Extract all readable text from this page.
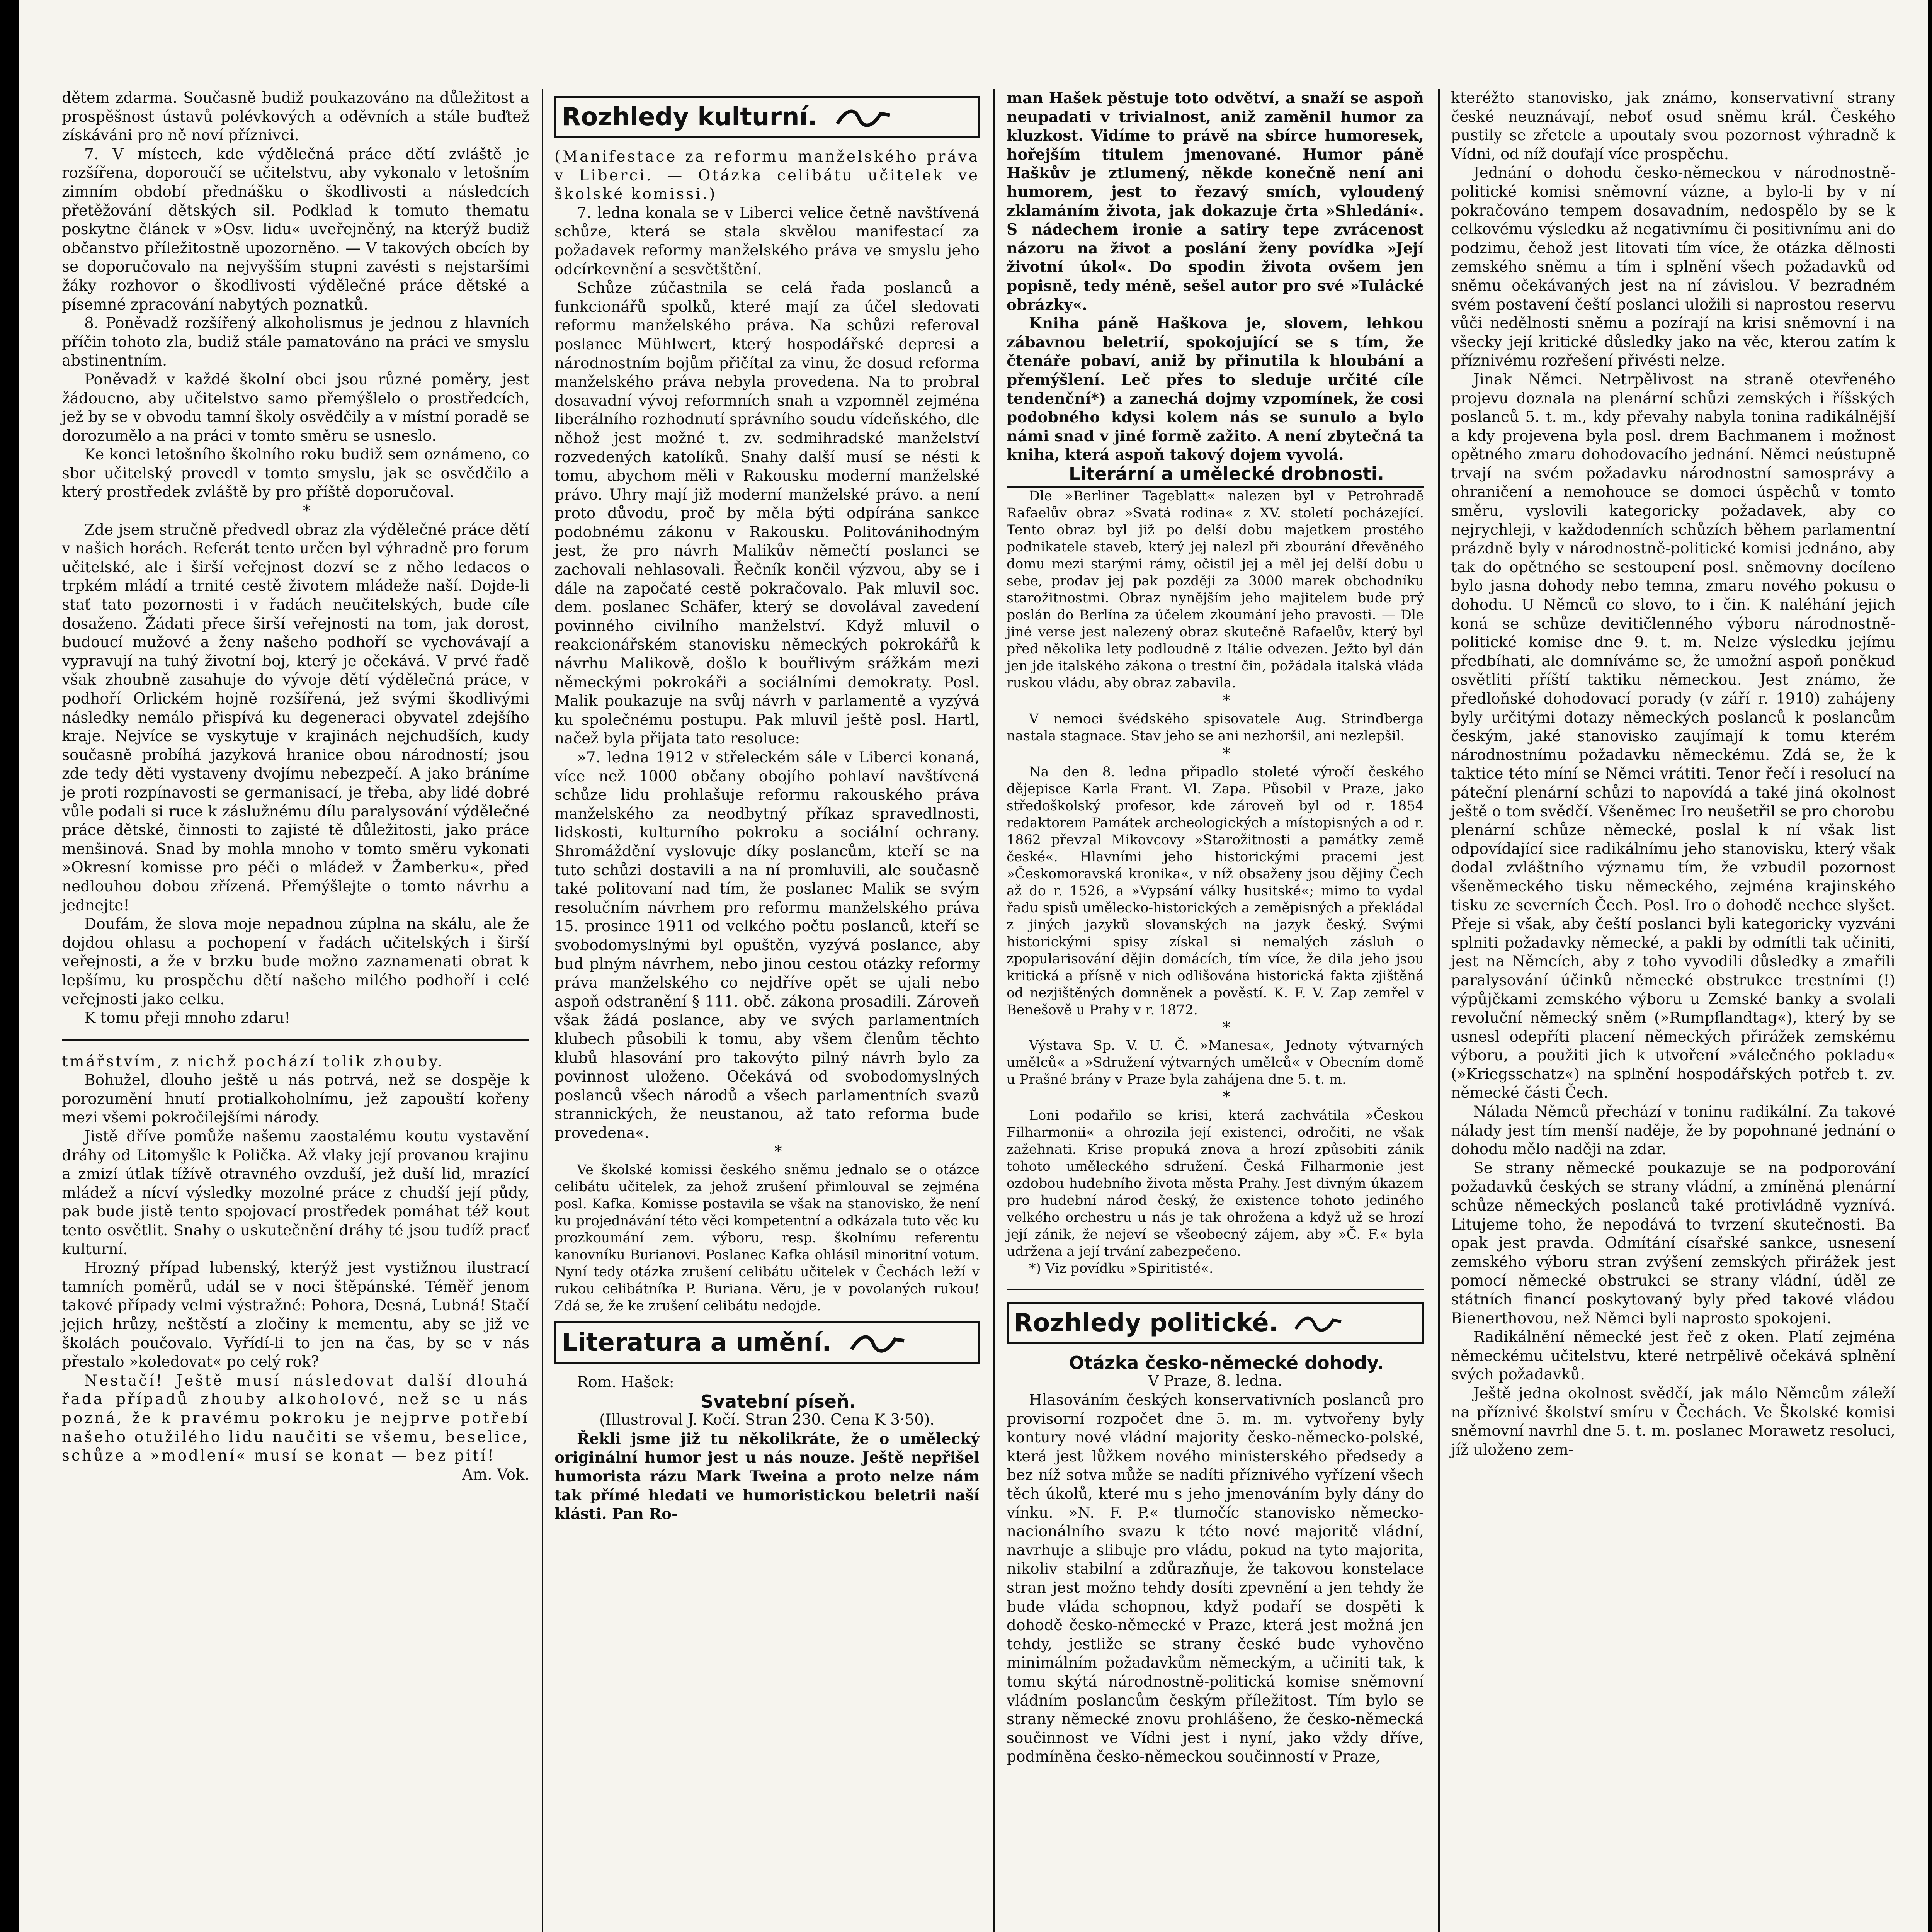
dětem zdarma. Současně budiž poukazováno na důležitost a prospěšnost ústavů polévkových a oděvních a stále buďtež získáváni pro ně noví příznivci.

7. V místech, kde výdělečná práce dětí zvláště je rozšířena, doporoučí se učitelstvu, aby vykonalo v letošním zimním období přednášku o škodlivosti a následcích přetěžování dětských sil. Podklad k tomuto thematu poskytne článek v »Osv. lidu« uveřejněný, na kterýž budiž občanstvo příležitostně upozorněno. — V takových obcích by se doporučovalo na nejvyšším stupni zavésti s nejstaršími žáky rozhovor o škodlivosti výdělečné práce dětské a písemné zpracování nabytých poznatků.

8. Poněvadž rozšířený alkoholismus je jednou z hlavních příčin tohoto zla, budiž stále pamatováno na práci ve smyslu abstinentním.

Poněvadž v každé školní obci jsou různé poměry, jest žádoucno, aby učitelstvo samo přemýšlelo o prostředcích, jež by se v obvodu tamní školy osvědčily a v místní poradě se dorozumělo a na práci v tomto směru se usneslo.

Ke konci letošního školního roku budiž sem oznámeno, co sbor učitelský provedl v tomto smyslu, jak se osvědčilo a který prostředek zvláště by pro příště doporučoval.

*

Zde jsem stručně předvedl obraz zla výdělečné práce dětí v našich horách. Referát tento určen byl výhradně pro forum učitelské, ale i širší veřejnost dozví se z něho ledacos o trpkém mládí a trnité cestě životem mládeže naší. Dojde-li stať tato pozornosti i v řadách neučitelských, bude cíle dosaženo. Žádati přece širší veřejnosti na tom, jak dorost, budoucí mužové a ženy našeho podhoří se vychovávají a vypravují na tuhý životní boj, který je očekává. V prvé řadě však zhoubně zasahuje do vývoje dětí výdělečná práce, v podhoří Orlickém hojně rozšířená, jež svými škodlivými následky nemálo přispívá ku degeneraci obyvatel zdejšího kraje. Nejvíce se vyskytuje v krajinách nejchudších, kudy současně probíhá jazyková hranice obou národností; jsou zde tedy děti vystaveny dvojímu nebezpečí. A jako bráníme je proti rozpínavosti se germanisací, je třeba, aby lidé dobré vůle podali si ruce k záslužnému dílu paralysování výdělečné práce dětské, činnosti to zajisté tě důležitosti, jako práce menšinová. Snad by mohla mnoho v tomto směru vykonati »Okresní komisse pro péči o mládež v Žamberku«, před nedlouhou dobou zřízená. Přemýšlejte o tomto návrhu a jednejte!

Doufám, že slova moje nepadnou zúplna na skálu, ale že dojdou ohlasu a pochopení v řadách učitelských i širší veřejnosti, a že v brzku bude možno zaznamenati obrat k lepšímu, ku prospěchu dětí našeho milého podhoří i celé veřejnosti jako celku.

K tomu přeji mnoho zdaru!

tmářstvím, z nichž pochází tolik zhouby.

Bohužel, dlouho ještě u nás potrvá, než se dospěje k porozumění hnutí protialkoholnímu, jež zapouští kořeny mezi všemi pokročilejšími národy.

Jistě dříve pomůže našemu zaostalému koutu vystavění dráhy od Litomyšle k Polička. Až vlaky její provanou krajinu a zmizí útlak tížívě otravného ovzduší, jež duší lid, mrazící mládež a nícví výsledky mozolné práce z chudší její půdy, pak bude jistě tento spojovací prostředek pomáhat též kout tento osvětlit. Snahy o uskutečnění dráhy té jsou tudíž pracť kulturní.

Hrozný případ lubenský, kterýž jest vystižnou ilustrací tamních poměrů, udál se v noci štěpánské. Téměř jenom takové případy velmi výstražné: Pohora, Desná, Lubná! Stačí jejich hrůzy, neštěstí a zločiny k mementu, aby se již ve školách poučovalo. Vyřídí-li to jen na čas, by se v nás přestalo »koledovat« po celý rok?

Nestačí! Ještě musí následovat další dlouhá řada případů zhouby alkoholové, než se u nás pozná, že k pravému pokroku je nejprve potřebí našeho otužilého lidu naučiti se všemu, beselice, schůze a »modlení« musí se konat — bez pití!

Am. Vok.

Rozhledy kulturní.

(Manifestace za reformu manželského práva v Liberci. — Otázka celibátu učitelek ve školské komissi.)

7. ledna konala se v Liberci velice četně navštívená schůze, která se stala skvělou manifestací za požadavek reformy manželského práva ve smyslu jeho odcírkevnění a sesvětštění.

Schůze zúčastnila se celá řada poslanců a funkcionářů spolků, které mají za účel sledovati reformu manželského práva. Na schůzi referoval poslanec Mühlwert, který hospodářské depresi a národnostním bojům přičítal za vinu, že dosud reforma manželského práva nebyla provedena. Na to probral dosavadní vývoj reformních snah a vzpomněl zejména liberálního rozhodnutí správního soudu vídeňského, dle něhož jest možné t. zv. sedmihradské manželství rozvedených katolíků. Snahy další musí se nésti k tomu, abychom měli v Rakousku moderní manželské právo. Uhry mají již moderní manželské právo. a není proto důvodu, proč by měla býti odpírána sankce podobnému zákonu v Rakousku. Politovánihodným jest, že pro návrh Malikův němečtí poslanci se zachovali nehlasovali. Řečník končil výzvou, aby se i dále na započaté cestě pokračovalo. Pak mluvil soc. dem. poslanec Schäfer, který se dovolával zavedení povinného civilního manželství. Když mluvil o reakcionářském stanovisku německých pokrokářů k návrhu Malikově, došlo k bouřlivým srážkám mezi německými pokrokáři a sociálními demokraty. Posl. Malik poukazuje na svůj návrh v parlamentě a vyzývá ku společnému postupu. Pak mluvil ještě posl. Hartl, načež byla přijata tato resoluce:

»7. ledna 1912 v střeleckém sále v Liberci konaná, více než 1000 občany obojího pohlaví navštívená schůze lidu prohlašuje reformu rakouského práva manželského za neodbytný příkaz spravedlnosti, lidskosti, kulturního pokroku a sociální ochrany. Shromáždění vyslovuje díky poslancům, kteří se na tuto schůzi dostavili a na ní promluvili, ale současně také politovaní nad tím, že poslanec Malik se svým resolučním návrhem pro reformu manželského práva 15. prosince 1911 od velkého počtu poslanců, kteří se svobodomyslnými byl opuštěn, vyzývá poslance, aby bud plným návrhem, nebo jinou cestou otázky reformy práva manželského co nejdříve opět se ujali nebo aspoň odstranění § 111. obč. zákona prosadili. Zároveň však žádá poslance, aby ve svých parlamentních klubech působili k tomu, aby všem členům těchto klubů hlasování pro takovýto pilný návrh bylo za povinnost uloženo. Očekává od svobodomyslných poslanců všech národů a všech parlamentních svazů strannických, že neustanou, až tato reforma bude provedena«.

*

Ve školské komissi českého sněmu jednalo se o otázce celibátu učitelek, za jehož zrušení přimlouval se zejména posl. Kafka. Komisse postavila se však na stanovisko, že není ku projednávání této věci kompetentní a odkázala tuto věc ku prozkoumání zem. výboru, resp. školnímu referentu kanovníku Burianovi. Poslanec Kafka ohlásil minoritní votum. Nyní tedy otázka zrušení celibátu učitelek v Čechách leží v rukou celibátníka P. Buriana. Věru, je v povolaných rukou! Zdá se, že ke zrušení celibátu nedojde.

Literatura a umění.

Rom. Hašek:

Svatební píseň.

(Illustroval J. Kočí. Stran 230. Cena K 3·50).

Řekli jsme již tu několikráte, že o umělecký originální humor jest u nás nouze. Ještě nepřišel humorista rázu Mark Tweina a proto nelze nám tak přímé hledati ve humoristickou beletrii naší klásti. Pan Ro-

man Hašek pěstuje toto odvětví, a snaží se aspoň neupadati v trivialnost, aniž zaměnil humor za kluzkost. Vidíme to právě na sbírce humoresek, hořejším titulem jmenované. Humor páně Haškův je ztlumený, někde konečně není ani humorem, jest to řezavý smích, vyloudený zklamáním života, jak dokazuje črta »Shledání«. S nádechem ironie a satiry tepe zvrácenost názoru na život a poslání ženy povídka »Její životní úkol«. Do spodin života ovšem jen popisně, tedy méně, sešel autor pro své »Tulácké obrázky«.

Kniha páně Haškova je, slovem, lehkou zábavnou beletrií, spokojující se s tím, že čtenáře pobaví, aniž by přinutila k hloubání a přemýšlení. Leč přes to sleduje určité cíle tendenční*) a zanechá dojmy vzpomínek, že cosi podobného kdysi kolem nás se sunulo a bylo námi snad v jiné formě zažito. A není zbytečná ta kniha, která aspoň takový dojem vyvolá.

Literární a umělecké drobnosti.

Dle »Berliner Tageblatt« nalezen byl v Petrohradě Rafaelův obraz »Svatá rodina« z XV. století pocházející. Tento obraz byl již po delší dobu majetkem prostého podnikatele staveb, který jej nalezl při zbourání dřevěného domu mezi starými rámy, očistil jej a měl jej delší dobu u sebe, prodav jej pak později za 3000 marek obchodníku starožitnostmi. Obraz nynějším jeho majitelem bude prý poslán do Berlína za účelem zkoumání jeho pravosti. — Dle jiné verse jest nalezený obraz skutečně Rafaelův, který byl před několika lety podloudně z Itálie odvezen. Ježto byl dán jen jde italského zákona o trestní čin, požádala italská vláda ruskou vládu, aby obraz zabavila.

*

V nemoci švédského spisovatele Aug. Strindberga nastala stagnace. Stav jeho se ani nezhoršil, ani nezlepšil.

*

Na den 8. ledna připadlo stoleté výročí českého dějepisce Karla Frant. Vl. Zapa. Působil v Praze, jako středoškolský profesor, kde zároveň byl od r. 1854 redaktorem Památek archeologických a místopisných a od r. 1862 převzal Mikovcovy »Starožitnosti a památky země české«. Hlavními jeho historickými pracemi jest »Českomoravská kronika«, v níž obsaženy jsou dějiny Čech až do r. 1526, a »Vypsání války husitské«; mimo to vydal řadu spisů umělecko-historických a zeměpisných a překládal z jiných jazyků slovanských na jazyk český. Svými historickými spisy získal si nemalých zásluh o zpopularisování dějin domácích, tím více, že dila jeho jsou kritická a přísně v nich odlišována historická fakta zjištěná od nezjištěných domněnek a pověstí. K. F. V. Zap zemřel v Benešově u Prahy v r. 1872.

*

Výstava Sp. V. U. Č. »Manesa«, Jednoty výtvarných umělců« a »Sdružení výtvarných umělců« v Obecním domě u Prašné brány v Praze byla zahájena dne 5. t. m.

*

Loni podařilo se krisi, která zachvátila »Českou Filharmonii« a ohrozila její existenci, odročiti, ne však zažehnati. Krise propuká znova a hrozí způsobiti zánik tohoto uměleckého sdružení. Česká Filharmonie jest ozdobou hudebního života města Prahy. Jest divným úkazem pro hudební národ český, že existence tohoto jediného velkého orchestru u nás je tak ohrožena a když už se hrozí její zánik, že nejeví se všeobecný zájem, aby »Č. F.« byla udržena a její trvání zabezpečeno.

*) Viz povídku »Spiritisté«.

Rozhledy politické.

Otázka česko-německé dohody.

V Praze, 8. ledna.

Hlasováním českých konservativních poslanců pro provisorní rozpočet dne 5. m. m. vytvořeny byly kontury nové vládní majority česko-německo-polské, která jest lůžkem nového ministerského předsedy a bez níž sotva může se nadíti příznivého vyřízení všech těch úkolů, které mu s jeho jmenováním byly dány do vínku. »N. F. P.« tlumočíc stanovisko německo-nacionálního svazu k této nové majoritě vládní, navrhuje a slibuje pro vládu, pokud na tyto majorita, nikoliv stabilní a zdůrazňuje, že takovou konstelace stran jest možno tehdy dosíti zpevnění a jen tehdy že bude vláda schopnou, když podaří se dospěti k dohodě česko-německé v Praze, která jest možná jen tehdy, jestliže se strany české bude vyhověno minimálním požadavkům německým, a učiniti tak, k tomu skýtá národnostně-politická komise sněmovní vládním poslancům českým příležitost. Tím bylo se strany německé znovu prohlášeno, že česko-německá součinnost ve Vídni jest i nyní, jako vždy dříve, podmíněna česko-německou součinností v Praze,

kteréžto stanovisko, jak známo, konservativní strany české neuznávají, neboť osud sněmu král. Českého pustily se zřetele a upoutaly svou pozornost výhradně k Vídni, od níž doufají více prospěchu.

Jednání o dohodu česko-německou v národnostně-politické komisi sněmovní vázne, a bylo-li by v ní pokračováno tempem dosavadním, nedospělo by se k celkovému výsledku až negativnímu či positivnímu ani do podzimu, čehož jest litovati tím více, že otázka dělnosti zemského sněmu a tím i splnění všech požadavků od sněmu očekávaných jest na ní závislou. V bezradném svém postavení čeští poslanci uložili si naprostou reservu vůči nedělnosti sněmu a pozírají na krisi sněmovní i na všecky její kritické důsledky jako na věc, kterou zatím k příznivému rozřešení přivésti nelze.

Jinak Němci. Netrpělivost na straně otevřeného projevu doznala na plenární schůzi zemských i říšských poslanců 5. t. m., kdy převahy nabyla tonina radikálnější a kdy projevena byla posl. drem Bachmanem i možnost opětného zmaru dohodovacího jednání. Němci neústupně trvají na svém požadavku národnostní samosprávy a ohraničení a nemohouce se domoci úspěchů v tomto směru, vyslovili kategoricky požadavek, aby co nejrychleji, v každodenních schůzích během parlamentní prázdně byly v národnostně-politické komisi jednáno, aby tak do opětného se sestoupení posl. sněmovny docíleno bylo jasna dohody nebo temna, zmaru nového pokusu o dohodu. U Němců co slovo, to i čin. K naléhání jejich koná se schůze devitičlenného výboru národnostně-politické komise dne 9. t. m. Nelze výsledku jejímu předbíhati, ale domníváme se, že umožní aspoň poněkud osvětliti příští taktiku německou. Jest známo, že předloňské dohodovací porady (v září r. 1910) zahájeny byly určitými dotazy německých poslanců k poslancům českým, jaké stanovisko zaujímají k tomu kterém národnostnímu požadavku německému. Zdá se, že k taktice této míní se Němci vrátiti. Tenor řečí i resolucí na páteční plenární schůzi to napovídá a také jiná okolnost ještě o tom svědčí. Všeněmec Iro neušetřil se pro chorobu plenární schůze německé, poslal k ní však list odpovídající sice radikálnímu jeho stanovisku, který však dodal zvláštního významu tím, že vzbudil pozornost všeněmeckého tisku německého, zejména krajinského tisku ze severních Čech. Posl. Iro o dohodě nechce slyšet. Přeje si však, aby čeští poslanci byli kategoricky vyzváni splniti požadavky německé, a pakli by odmítli tak učiniti, jest na Němcích, aby z toho vyvodili důsledky a zmařili paralysování účinků německé obstrukce trestními (!) výpůjčkami zemského výboru u Zemské banky a svolali revoluční německý sněm (»Rumpflandtag«), který by se usnesl odepříti placení německých přirážek zemskému výboru, a použiti jich k utvoření »válečného pokladu« (»Kriegsschatz«) na splnění hospodářských potřeb t. zv. německé části Čech.

Nálada Němců přechází v toninu radikální. Za takové nálady jest tím menší naděje, že by popohnané jednání o dohodu mělo naději na zdar.

Se strany německé poukazuje se na podporování požadavků českých se strany vládní, a zmíněná plenární schůze německých poslanců také protivládně vyznívá. Litujeme toho, že nepodává to tvrzení skutečnosti. Ba opak jest pravda. Odmítání císařské sankce, usnesení zemského výboru stran zvýšení zemských přirážek jest pomocí německé obstrukci se strany vládní, úděl ze státních financí poskytovaný byly před takové vládou Bienerthovou, než Němci byli naprosto spokojeni.

Radikálnění německé jest řeč z oken. Platí zejména německému učitelstvu, které netrpělivě očekává splnění svých požadavků.

Ještě jedna okolnost svědčí, jak málo Němcům záleží na příznivé školství smíru v Čechách. Ve Školské komisi sněmovní navrhl dne 5. t. m. poslanec Morawetz resoluci, jíž uloženo zem-
